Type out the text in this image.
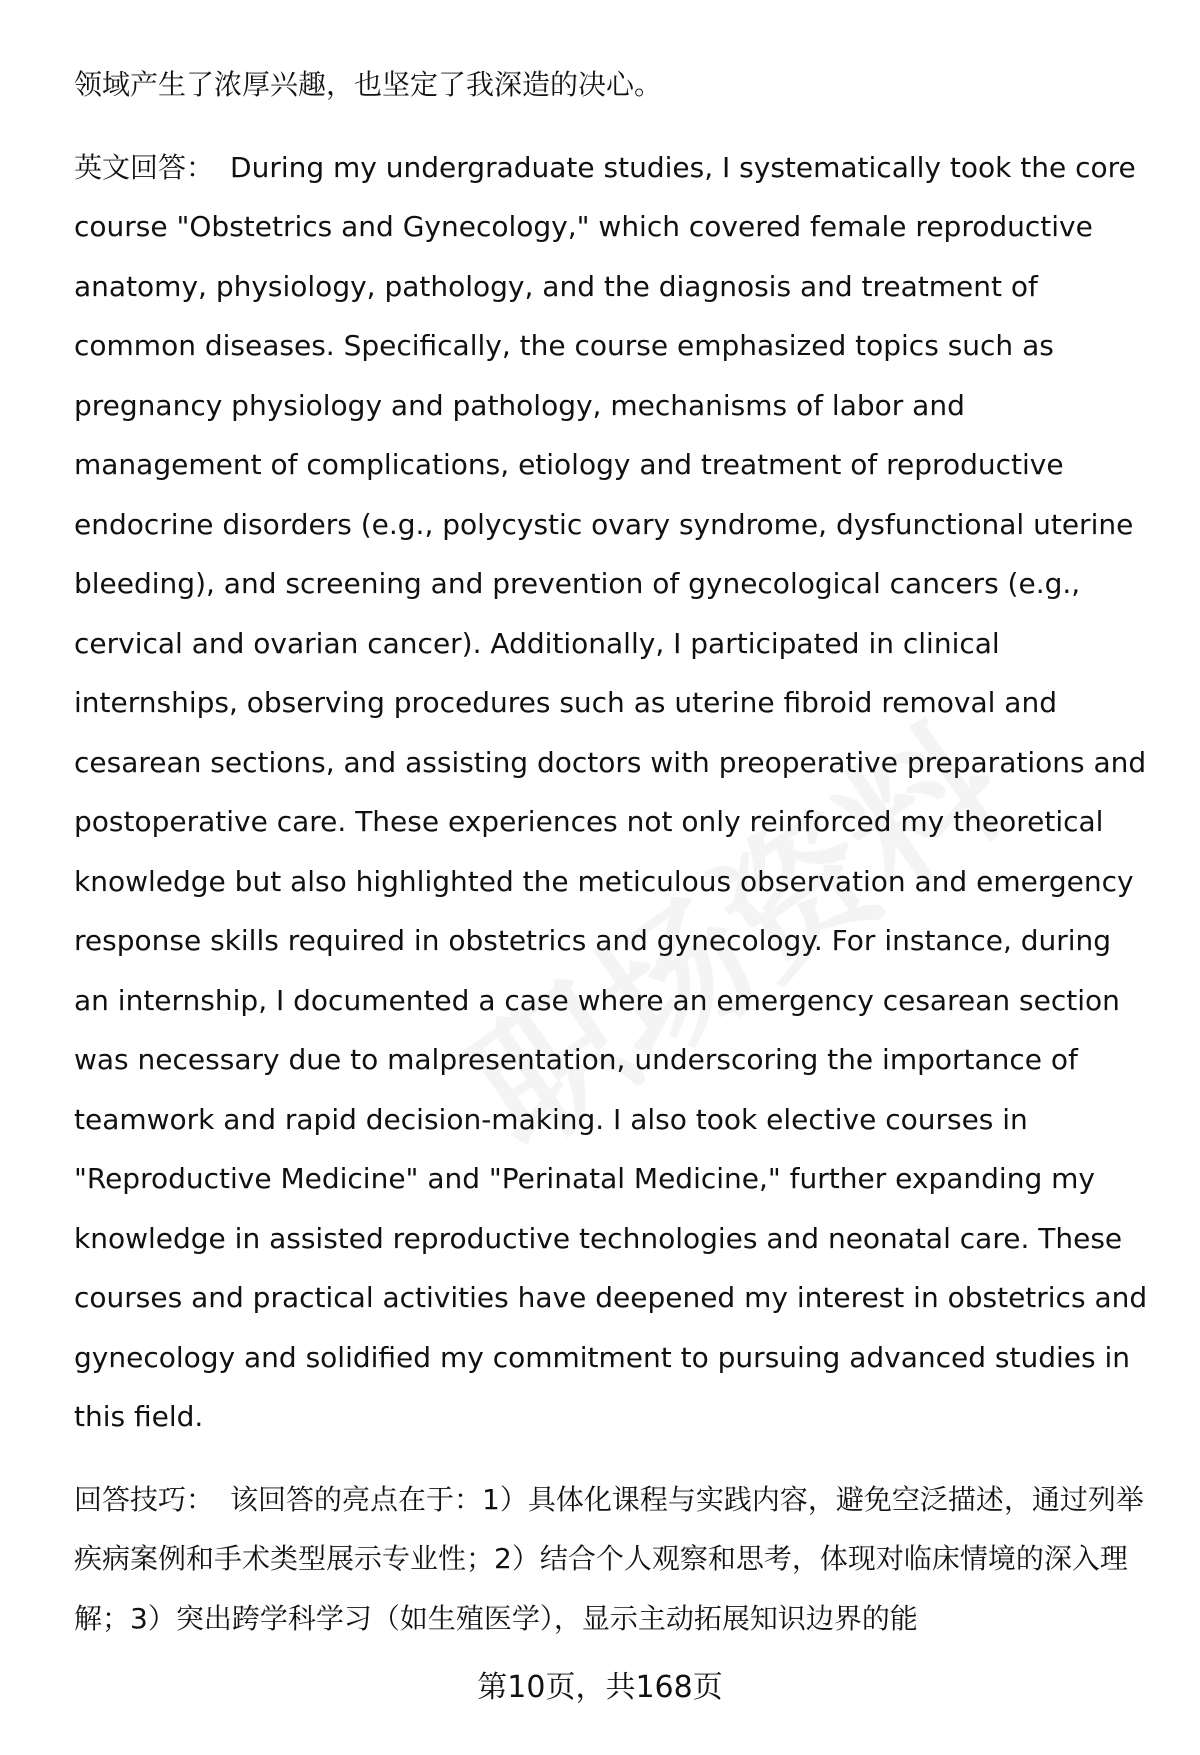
领域产生了浓厚兴趣，也坚定了我深造的决心。

英文回答： During my undergraduate studies, I systematically took the core course "Obstetrics and Gynecology," which covered female reproductive anatomy, physiology, pathology, and the diagnosis and treatment of common diseases. Specifically, the course emphasized topics such as pregnancy physiology and pathology, mechanisms of labor and management of complications, etiology and treatment of reproductive endocrine disorders (e.g., polycystic ovary syndrome, dysfunctional uterine bleeding), and screening and prevention of gynecological cancers (e.g., cervical and ovarian cancer). Additionally, I participated in clinical internships, observing procedures such as uterine fibroid removal and cesarean sections, and assisting doctors with preoperative preparations and postoperative care. These experiences not only reinforced my theoretical knowledge but also highlighted the meticulous observation and emergency response skills required in obstetrics and gynecology. For instance, during an internship, I documented a case where an emergency cesarean section was necessary due to malpresentation, underscoring the importance of teamwork and rapid decision-making. I also took elective courses in "Reproductive Medicine" and "Perinatal Medicine," further expanding my knowledge in assisted reproductive technologies and neonatal care. These courses and practical activities have deepened my interest in obstetrics and gynecology and solidified my commitment to pursuing advanced studies in this field.

回答技巧： 该回答的亮点在于：1）具体化课程与实践内容，避免空泛描述，通过列举疾病案例和手术类型展示专业性；2）结合个人观察和思考，体现对临床情境的深入理解；3）突出跨学科学习（如生殖医学），显示主动拓展知识边界的能

第10页，共168页
